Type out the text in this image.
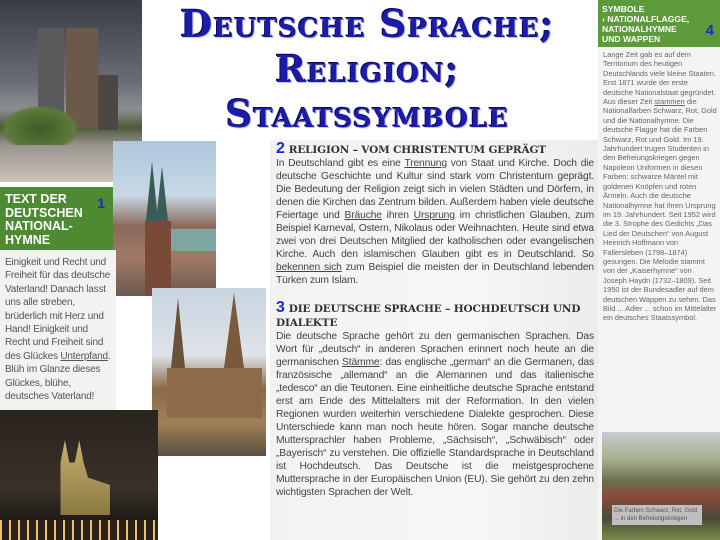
Deutsche Sprache;
Religion;
Staatssymbole
TEXT DER DEUTSCHEN NATIONAL-HYMNE
1
Einigkeit und Recht und Freiheit für das deutsche Vaterland! Danach lasst uns alle streben, brüderlich mit Herz und Hand! Einigkeit und Recht und Freiheit sind des Glückes Unterpfand. Blüh im Glanze dieses Glückes, blühe, deutsches Vaterland!
2 RELIGION – VOM CHRISTENTUM GEPRÄGT
In Deutschland gibt es eine Trennung von Staat und Kirche. Doch die deutsche Geschichte und Kultur sind stark vom Christentum geprägt. Die Bedeutung der Religion zeigt sich in vielen Städten und Dörfern, in denen die Kirchen das Zentrum bilden. Außerdem haben viele deutsche Feiertage und Bräuche ihren Ursprung im christlichen Glauben, zum Beispiel Karneval, Ostern, Nikolaus oder Weihnachten. Heute sind etwa zwei von drei Deutschen Mitglied der katholischen oder evangelischen Kirche. Auch den islamischen Glauben gibt es in Deutschland. So bekennen sich zum Beispiel die meisten der in Deutschland lebenden Türken zum Islam.
3 DIE DEUTSCHE SPRACHE – HOCHDEUTSCH UND DIALEKTE
Die deutsche Sprache gehört zu den germanischen Sprachen. Das Wort für „deutsch“ in anderen Sprachen erinnert noch heute an die germanischen Stämme: das englische „german“ an die Germanen, das französische „allemand“ an die Alemannen und das italienische „tedesco“ an die Teutonen. Eine einheitliche deutsche Sprache entstand erst am Ende des Mittelalters mit der Reformation. In den vielen Regionen wurden weiterhin verschiedene Dialekte gesprochen. Diese Unterschiede kann man noch heute hören. Sogar manche deutsche Muttersprachler haben Probleme, „Sächsisch“, „Schwäbisch“ oder „Bayerisch“ zu verstehen. Die offizielle Standardsprache in Deutschland ist Hochdeutsch. Das Deutsche ist die meistgesprochene Muttersprache in der Europäischen Union (EU). Sie gehört zu den zehn wichtigsten Sprachen der Welt.
SYMBOLE
› NATIONALFLAGGE, NATIONALHYMNE UND WAPPEN	4
Lange Zeit gab es auf dem Territorium des heutigen Deutschlands viele kleine Staaten. Erst 1871 wurde der erste deutsche Nationalstaat gegründet. Aus dieser Zeit stammen die Nationalfarben Schwarz, Rot, Gold und die Nationalhymne. Die deutsche Flagge hat die Farben Schwarz, Rot und Gold. Im 19. Jahrhundert trugen Studenten in den Befreiungskriegen gegen Napoleon Uniformen in diesen Farben: schwarze Mäntel mit goldenen Knöpfen und roten Ärmeln. Auch die deutsche Nationalhymne hat ihren Ursprung im 19. Jahrhundert. Seit 1952 wird die 3. Strophe des Gedichts „Das Lied der Deutschen“ von August Heinrich Hoffmann von Fallersleben (1798–1874) gesungen. Die Melodie stammt von der „Kaiserhymne“ von Joseph Haydn (1732–1809). Seit 1950 ist der Bundesadler auf dem deutschen Wappen zu sehen. Das Bild ... Adler ... schon im Mittelalter ein deutsches Staatssymbol.
Die Farben Schwarz, Rot, Gold ... in den Befreiungskriegen
